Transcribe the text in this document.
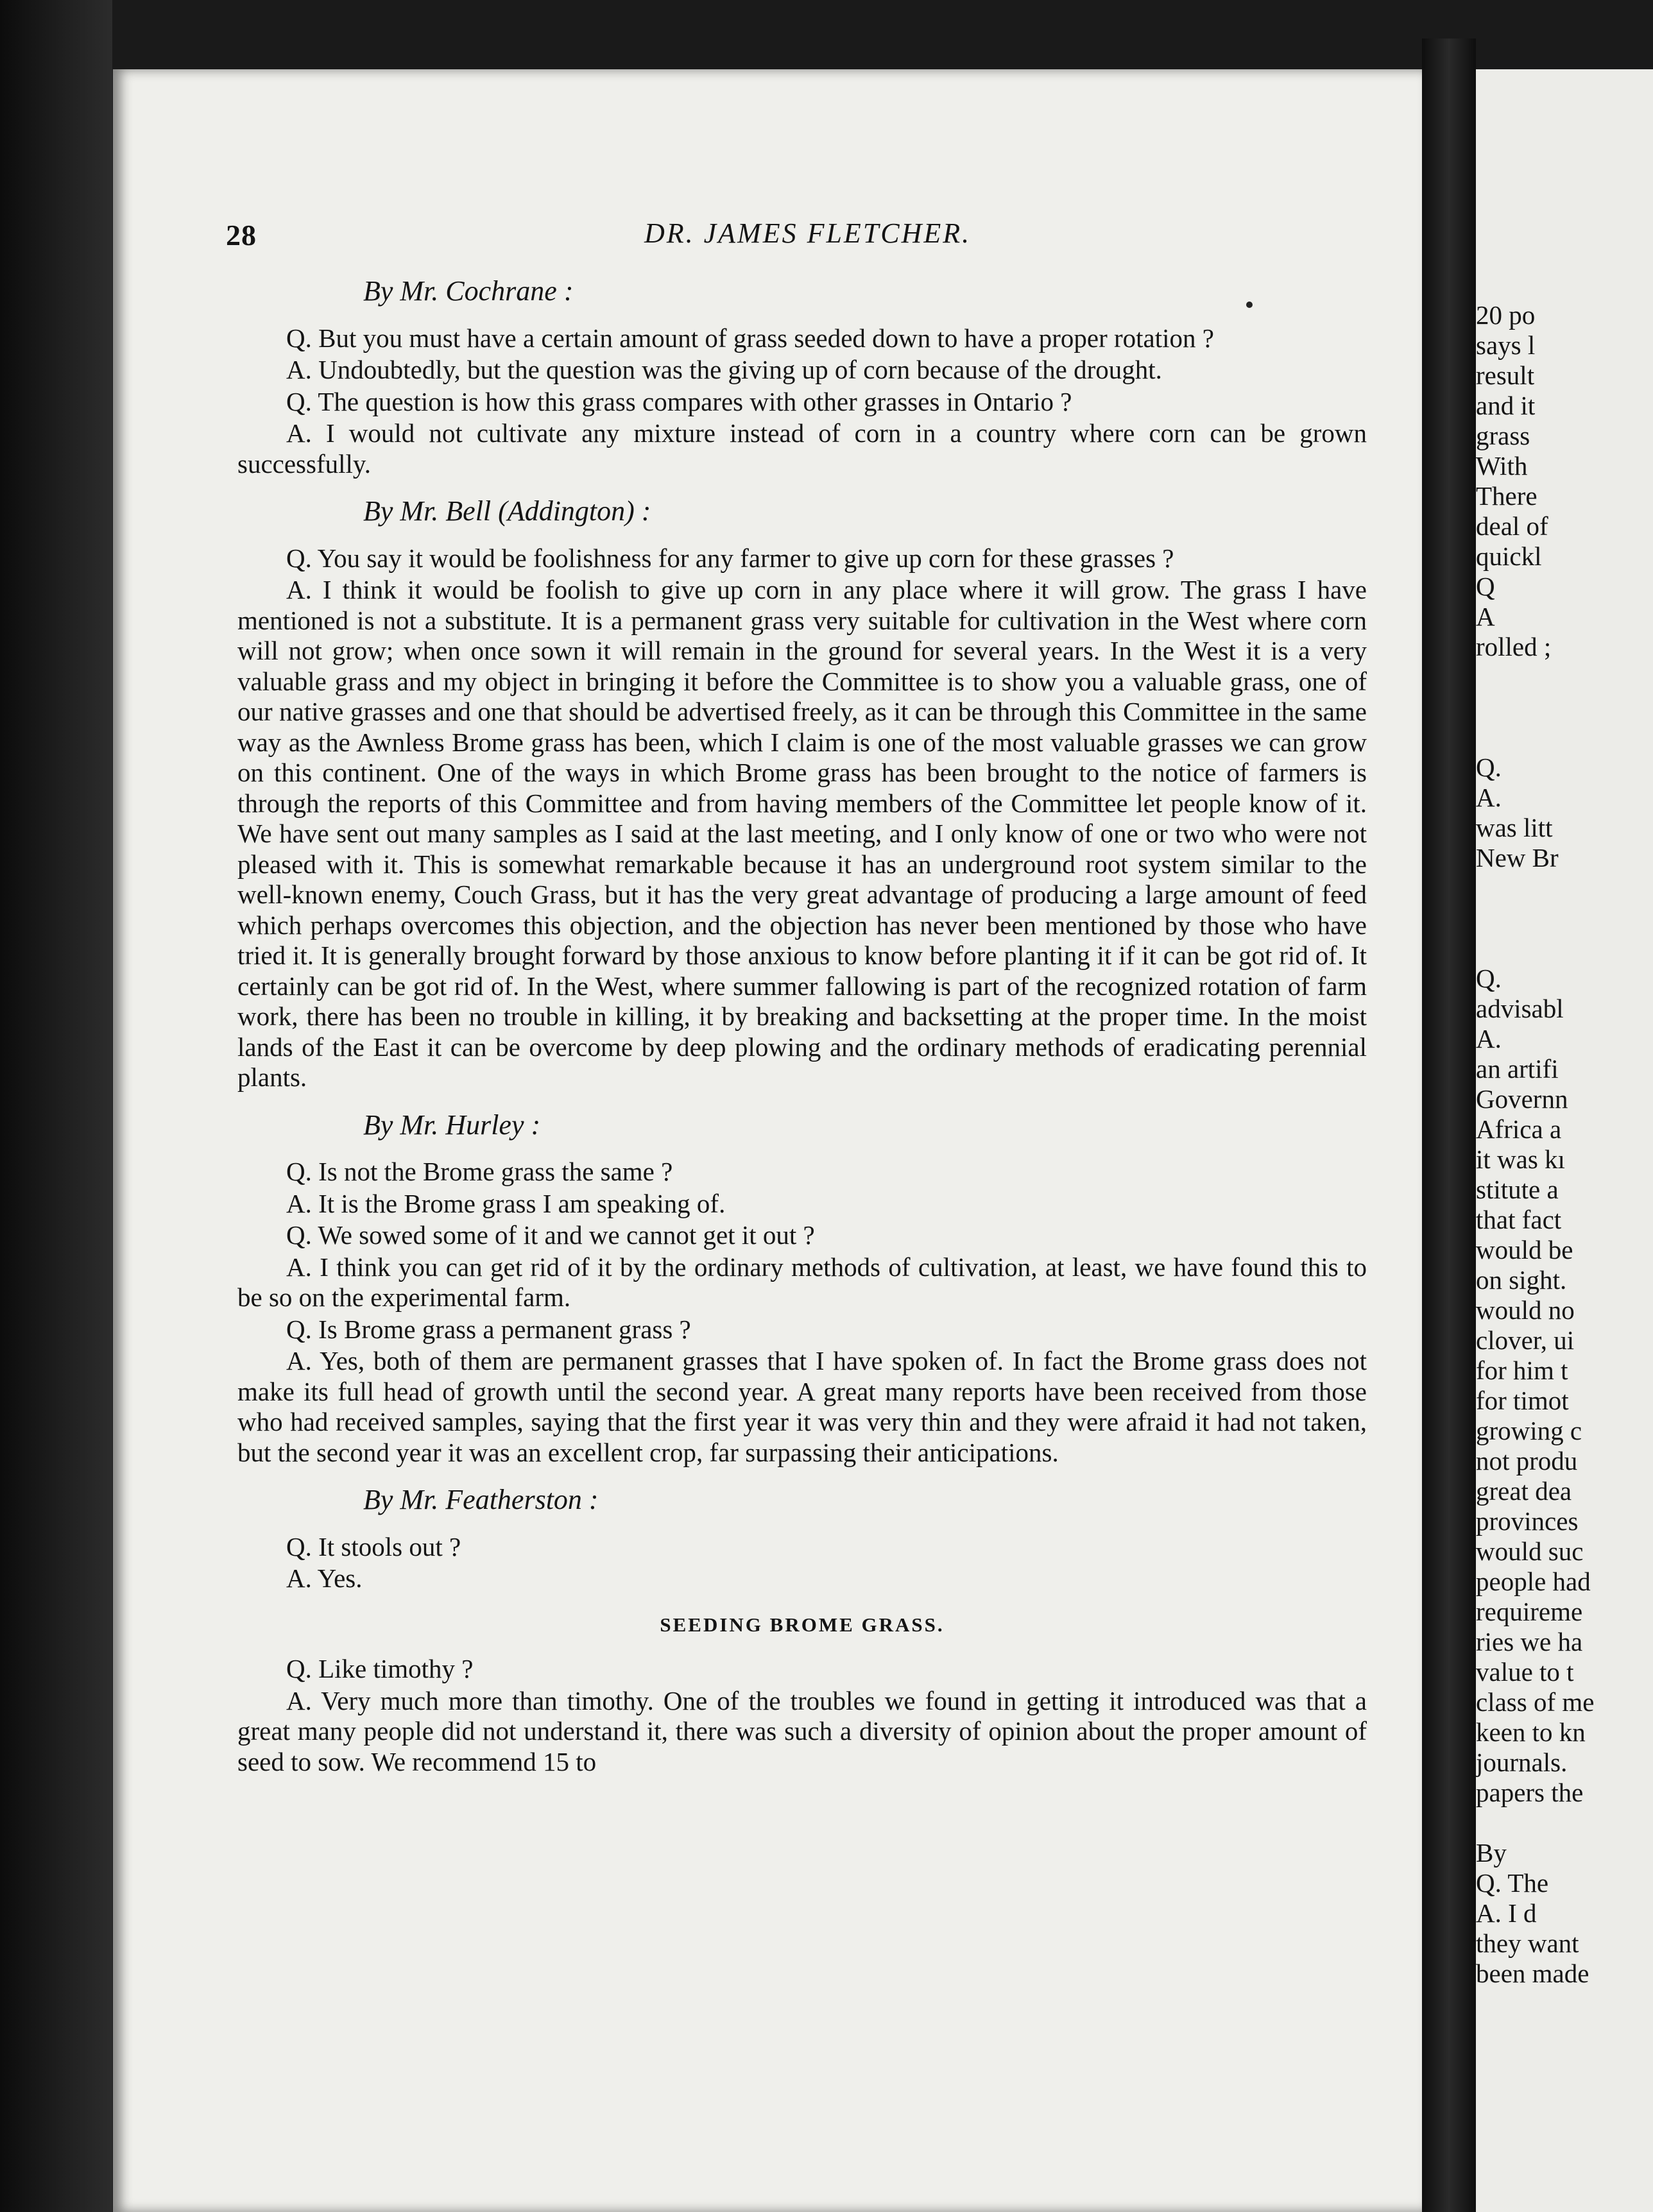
28	DR. JAMES FLETCHER.
By Mr. Cochrane :

Q. But you must have a certain amount of grass seeded down to have a proper rotation ?

A. Undoubtedly, but the question was the giving up of corn because of the drought.

Q. The question is how this grass compares with other grasses in Ontario ?

A. I would not cultivate any mixture instead of corn in a country where corn can be grown successfully.

By Mr. Bell (Addington) :

Q. You say it would be foolishness for any farmer to give up corn for these grasses ?

A. I think it would be foolish to give up corn in any place where it will grow. The grass I have mentioned is not a substitute. It is a permanent grass very suitable for cultivation in the West where corn will not grow; when once sown it will remain in the ground for several years. In the West it is a very valuable grass and my object in bringing it before the Committee is to show you a valuable grass, one of our native grasses and one that should be advertised freely, as it can be through this Committee in the same way as the Awnless Brome grass has been, which I claim is one of the most valuable grasses we can grow on this continent. One of the ways in which Brome grass has been brought to the notice of farmers is through the reports of this Committee and from having members of the Committee let people know of it. We have sent out many samples as I said at the last meeting, and I only know of one or two who were not pleased with it. This is somewhat remarkable because it has an underground root system similar to the well-known enemy, Couch Grass, but it has the very great advantage of producing a large amount of feed which perhaps overcomes this objection, and the objection has never been mentioned by those who have tried it. It is generally brought forward by those anxious to know before planting it if it can be got rid of. It certainly can be got rid of. In the West, where summer fallowing is part of the recognized rotation of farm work, there has been no trouble in killing, it by breaking and backsetting at the proper time. In the moist lands of the East it can be overcome by deep plowing and the ordinary methods of eradicating perennial plants.

By Mr. Hurley :

Q. Is not the Brome grass the same ?

A. It is the Brome grass I am speaking of.

Q. We sowed some of it and we cannot get it out ?

A. I think you can get rid of it by the ordinary methods of cultivation, at least, we have found this to be so on the experimental farm.

Q. Is Brome grass a permanent grass ?

A. Yes, both of them are permanent grasses that I have spoken of. In fact the Brome grass does not make its full head of growth until the second year. A great many reports have been received from those who had received samples, saying that the first year it was very thin and they were afraid it had not taken, but the second year it was an excellent crop, far surpassing their anticipations.

By Mr. Featherston :

Q. It stools out ?

A. Yes.

SEEDING BROME GRASS.

Q. Like timothy ?

A. Very much more than timothy. One of the troubles we found in getting it introduced was that a great many people did not understand it, there was such a diversity of opinion about the proper amount of seed to sow. We recommend 15 to

20 po
says l
result
and it
grass
With
There
deal of
quickl
Q
A
rolled ;
Q.
A.
was litt
New Br
Q.
advisabl
A.
an artifi
Governn
Africa a
it was kı
stitute a
that fact
would be
on sight.
would no
clover, ui
for him t
for timot
growing c
not produ
great dea
provinces
would suc
people had
requireme
ries we ha
value to t
class of me
keen to kn
journals.
papers the
By
Q. The
A. I d
they want
been made
